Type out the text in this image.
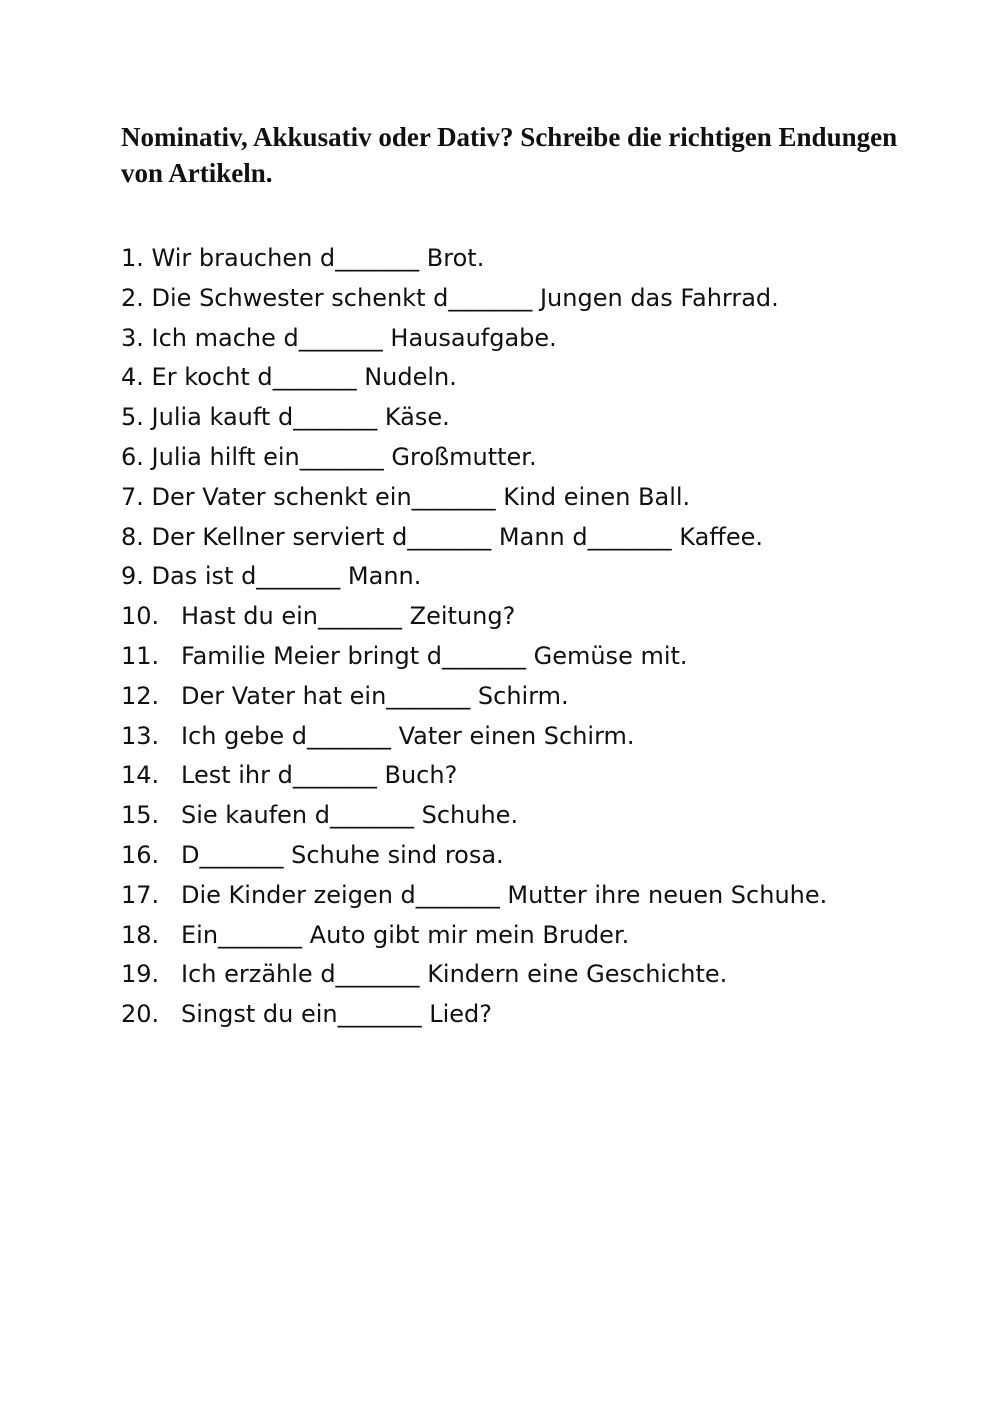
Nominativ, Akkusativ oder Dativ? Schreibe die richtigen Endungen von Artikeln.
1. Wir brauchen d_______ Brot.
2. Die Schwester schenkt d_______ Jungen das Fahrrad.
3. Ich mache d_______ Hausaufgabe.
4. Er kocht d_______ Nudeln.
5. Julia kauft d_______ Käse.
6. Julia hilft ein_______ Großmutter.
7. Der Vater schenkt ein_______ Kind einen Ball.
8. Der Kellner serviert d_______ Mann d_______ Kaffee.
9. Das ist d_______ Mann.
10. Hast du ein_______ Zeitung?
11. Familie Meier bringt d_______ Gemüse mit.
12. Der Vater hat ein_______ Schirm.
13. Ich gebe d_______ Vater einen Schirm.
14. Lest ihr d_______ Buch?
15. Sie kaufen d_______ Schuhe.
16. D_______ Schuhe sind rosa.
17. Die Kinder zeigen d_______ Mutter ihre neuen Schuhe.
18. Ein_______ Auto gibt mir mein Bruder.
19. Ich erzähle d_______ Kindern eine Geschichte.
20. Singst du ein_______ Lied?
